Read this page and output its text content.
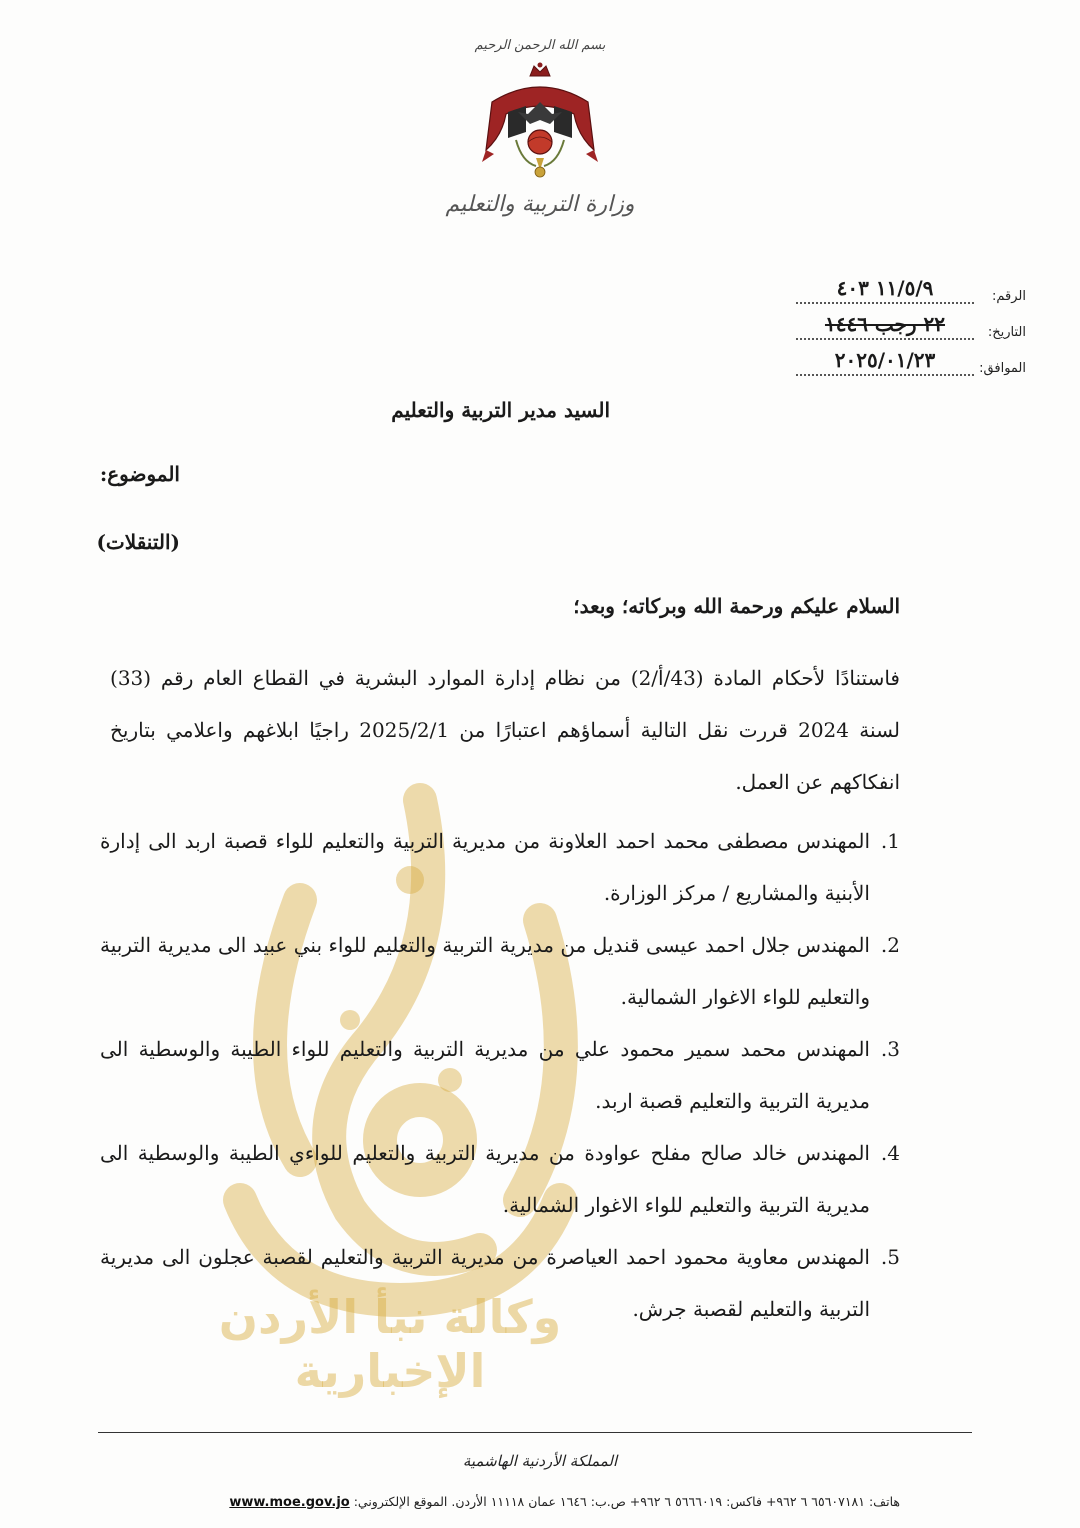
بسم الله الرحمن الرحيم
وزارة التربية والتعليم
الرقم:
١١/٥/٩ ٤٠٣
التاريخ:
٢٢ رجب ١٤٤٦
الموافق:
٢٠٢٥/٠١/٢٣
وكالة نبأ الأردن الإخبارية
السيد مدير التربية والتعليم
الموضوع:
(التنقلات)
السلام عليكم ورحمة الله وبركاته؛ وبعد؛
فاستنادًا لأحكام المادة (43/أ/2) من نظام إدارة الموارد البشرية في القطاع العام رقم (33) لسنة 2024 قررت نقل التالية أسماؤهم اعتبارًا من 2025/2/1 راجيًا ابلاغهم واعلامي بتاريخ انفكاكهم عن العمل.
1.
المهندس مصطفى محمد احمد العلاونة من مديرية التربية والتعليم للواء قصبة اربد الى إدارة الأبنية والمشاريع / مركز الوزارة.
2.
المهندس جلال احمد عيسى قنديل من مديرية التربية والتعليم للواء بني عبيد الى مديرية التربية والتعليم للواء الاغوار الشمالية.
3.
المهندس محمد سمير محمود علي من مديرية التربية والتعليم للواء الطيبة والوسطية الى مديرية التربية والتعليم قصبة اربد.
4.
المهندس خالد صالح مفلح عواودة من مديرية التربية والتعليم للواءي الطيبة والوسطية الى مديرية التربية والتعليم للواء الاغوار الشمالية.
5.
المهندس معاوية محمود احمد العياصرة من مديرية التربية والتعليم لقصبة عجلون الى مديرية التربية والتعليم لقصبة جرش.
المملكة الأردنية الهاشمية
هاتف: ٦٥٦٠٧١٨١ ٦ ٩٦٢+ فاكس: ٥٦٦٦٠١٩ ٦ ٩٦٢+ ص.ب: ١٦٤٦ عمان ١١١١٨ الأردن. الموقع الإلكتروني: www.moe.gov.jo
